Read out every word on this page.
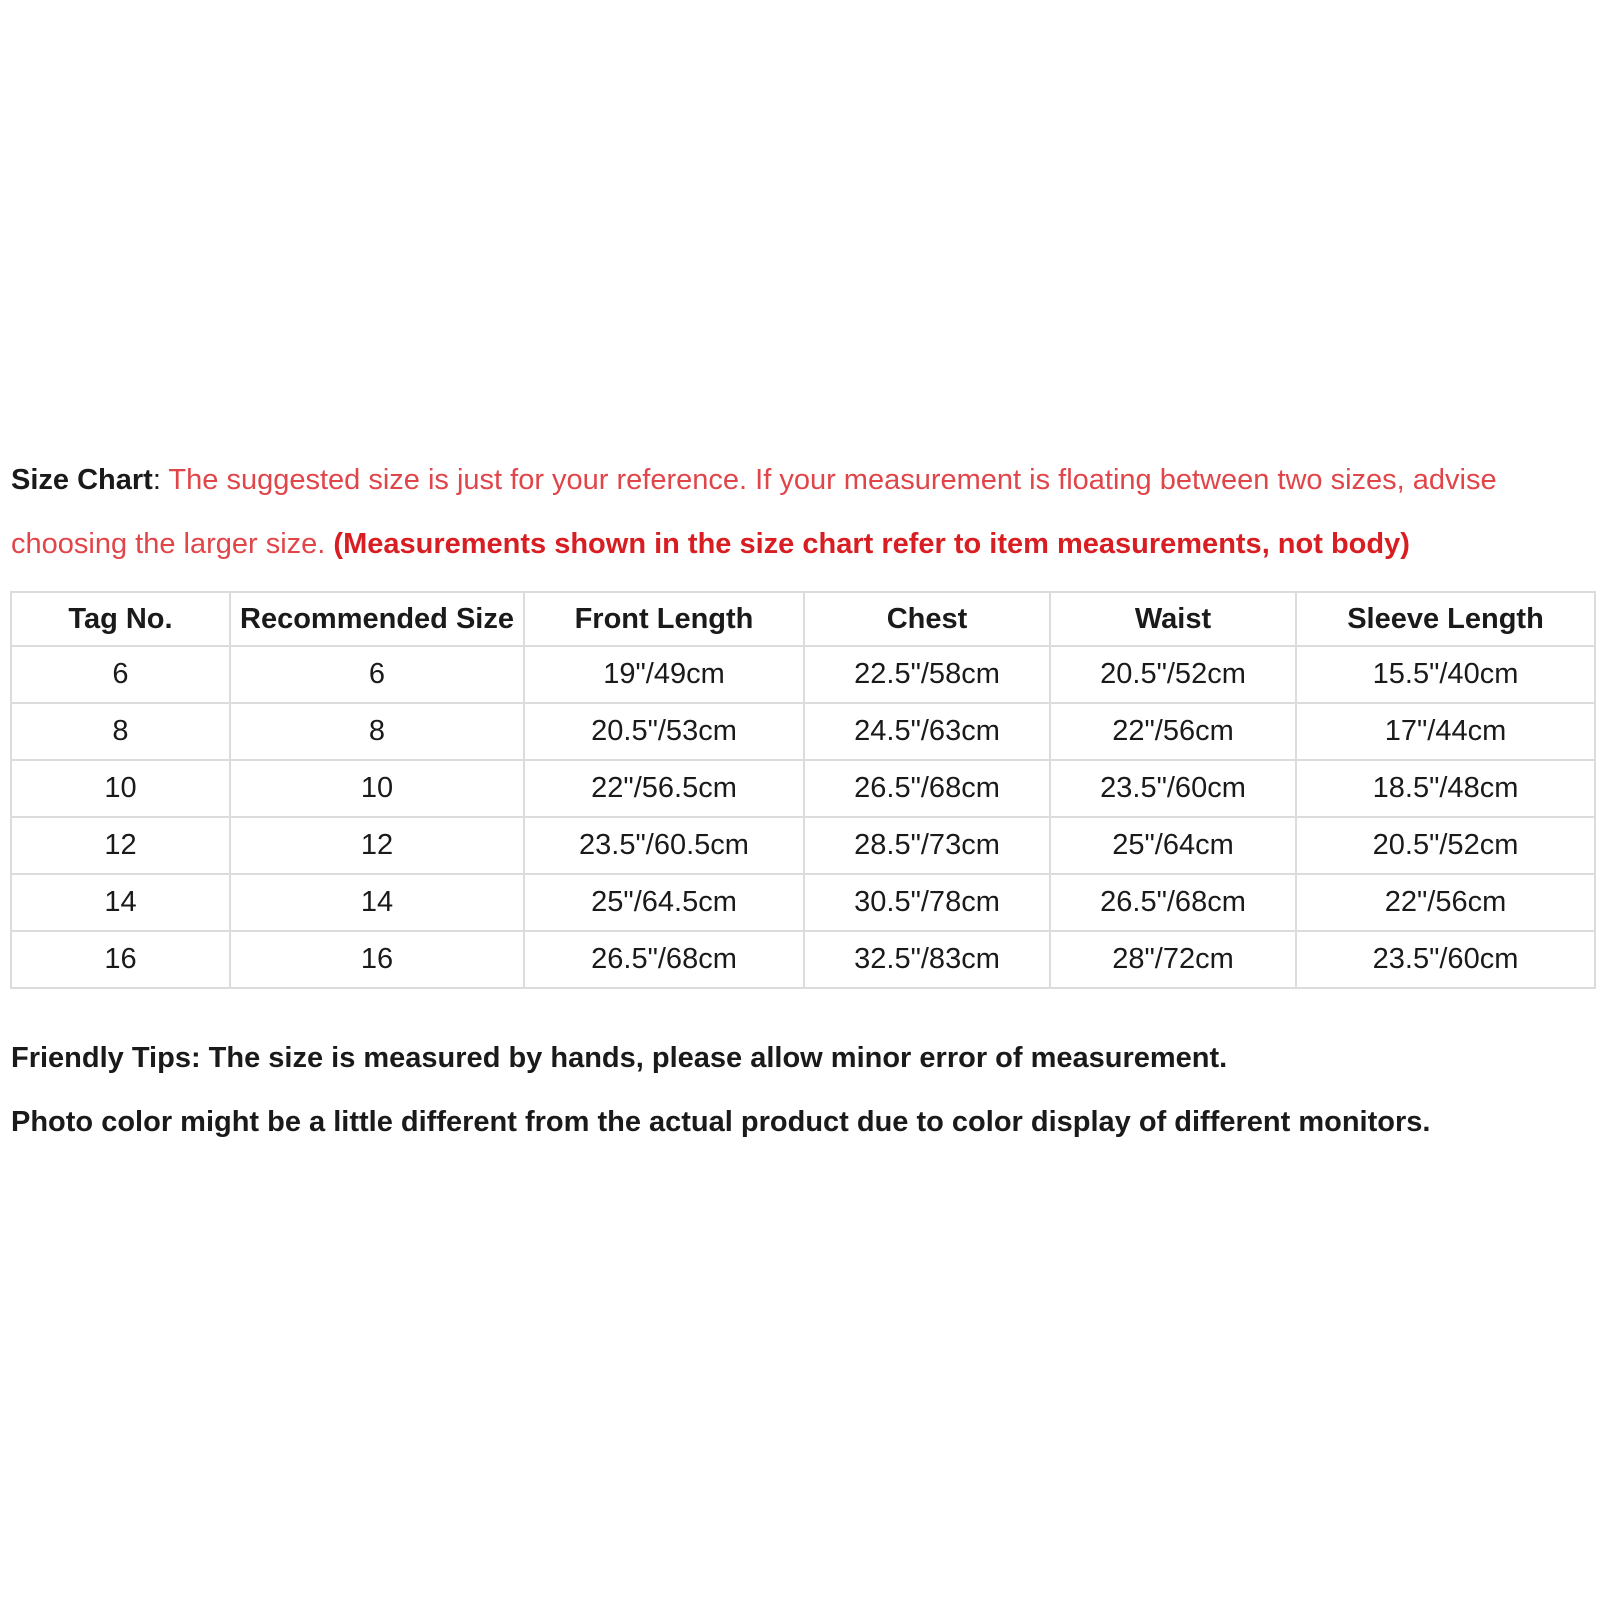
Size Chart: The suggested size is just for your reference. If your measurement is floating between two sizes, advise choosing the larger size. (Measurements shown in the size chart refer to item measurements, not body)
Tag No.	Recommended Size	Front Length	Chest	Waist	Sleeve Length
6	6	19"/49cm	22.5"/58cm	20.5"/52cm	15.5"/40cm
8	8	20.5"/53cm	24.5"/63cm	22"/56cm	17"/44cm
10	10	22"/56.5cm	26.5"/68cm	23.5"/60cm	18.5"/48cm
12	12	23.5"/60.5cm	28.5"/73cm	25"/64cm	20.5"/52cm
14	14	25"/64.5cm	30.5"/78cm	26.5"/68cm	22"/56cm
16	16	26.5"/68cm	32.5"/83cm	28"/72cm	23.5"/60cm

Friendly Tips: The size is measured by hands, please allow minor error of measurement.

Photo color might be a little different from the actual product due to color display of different monitors.
